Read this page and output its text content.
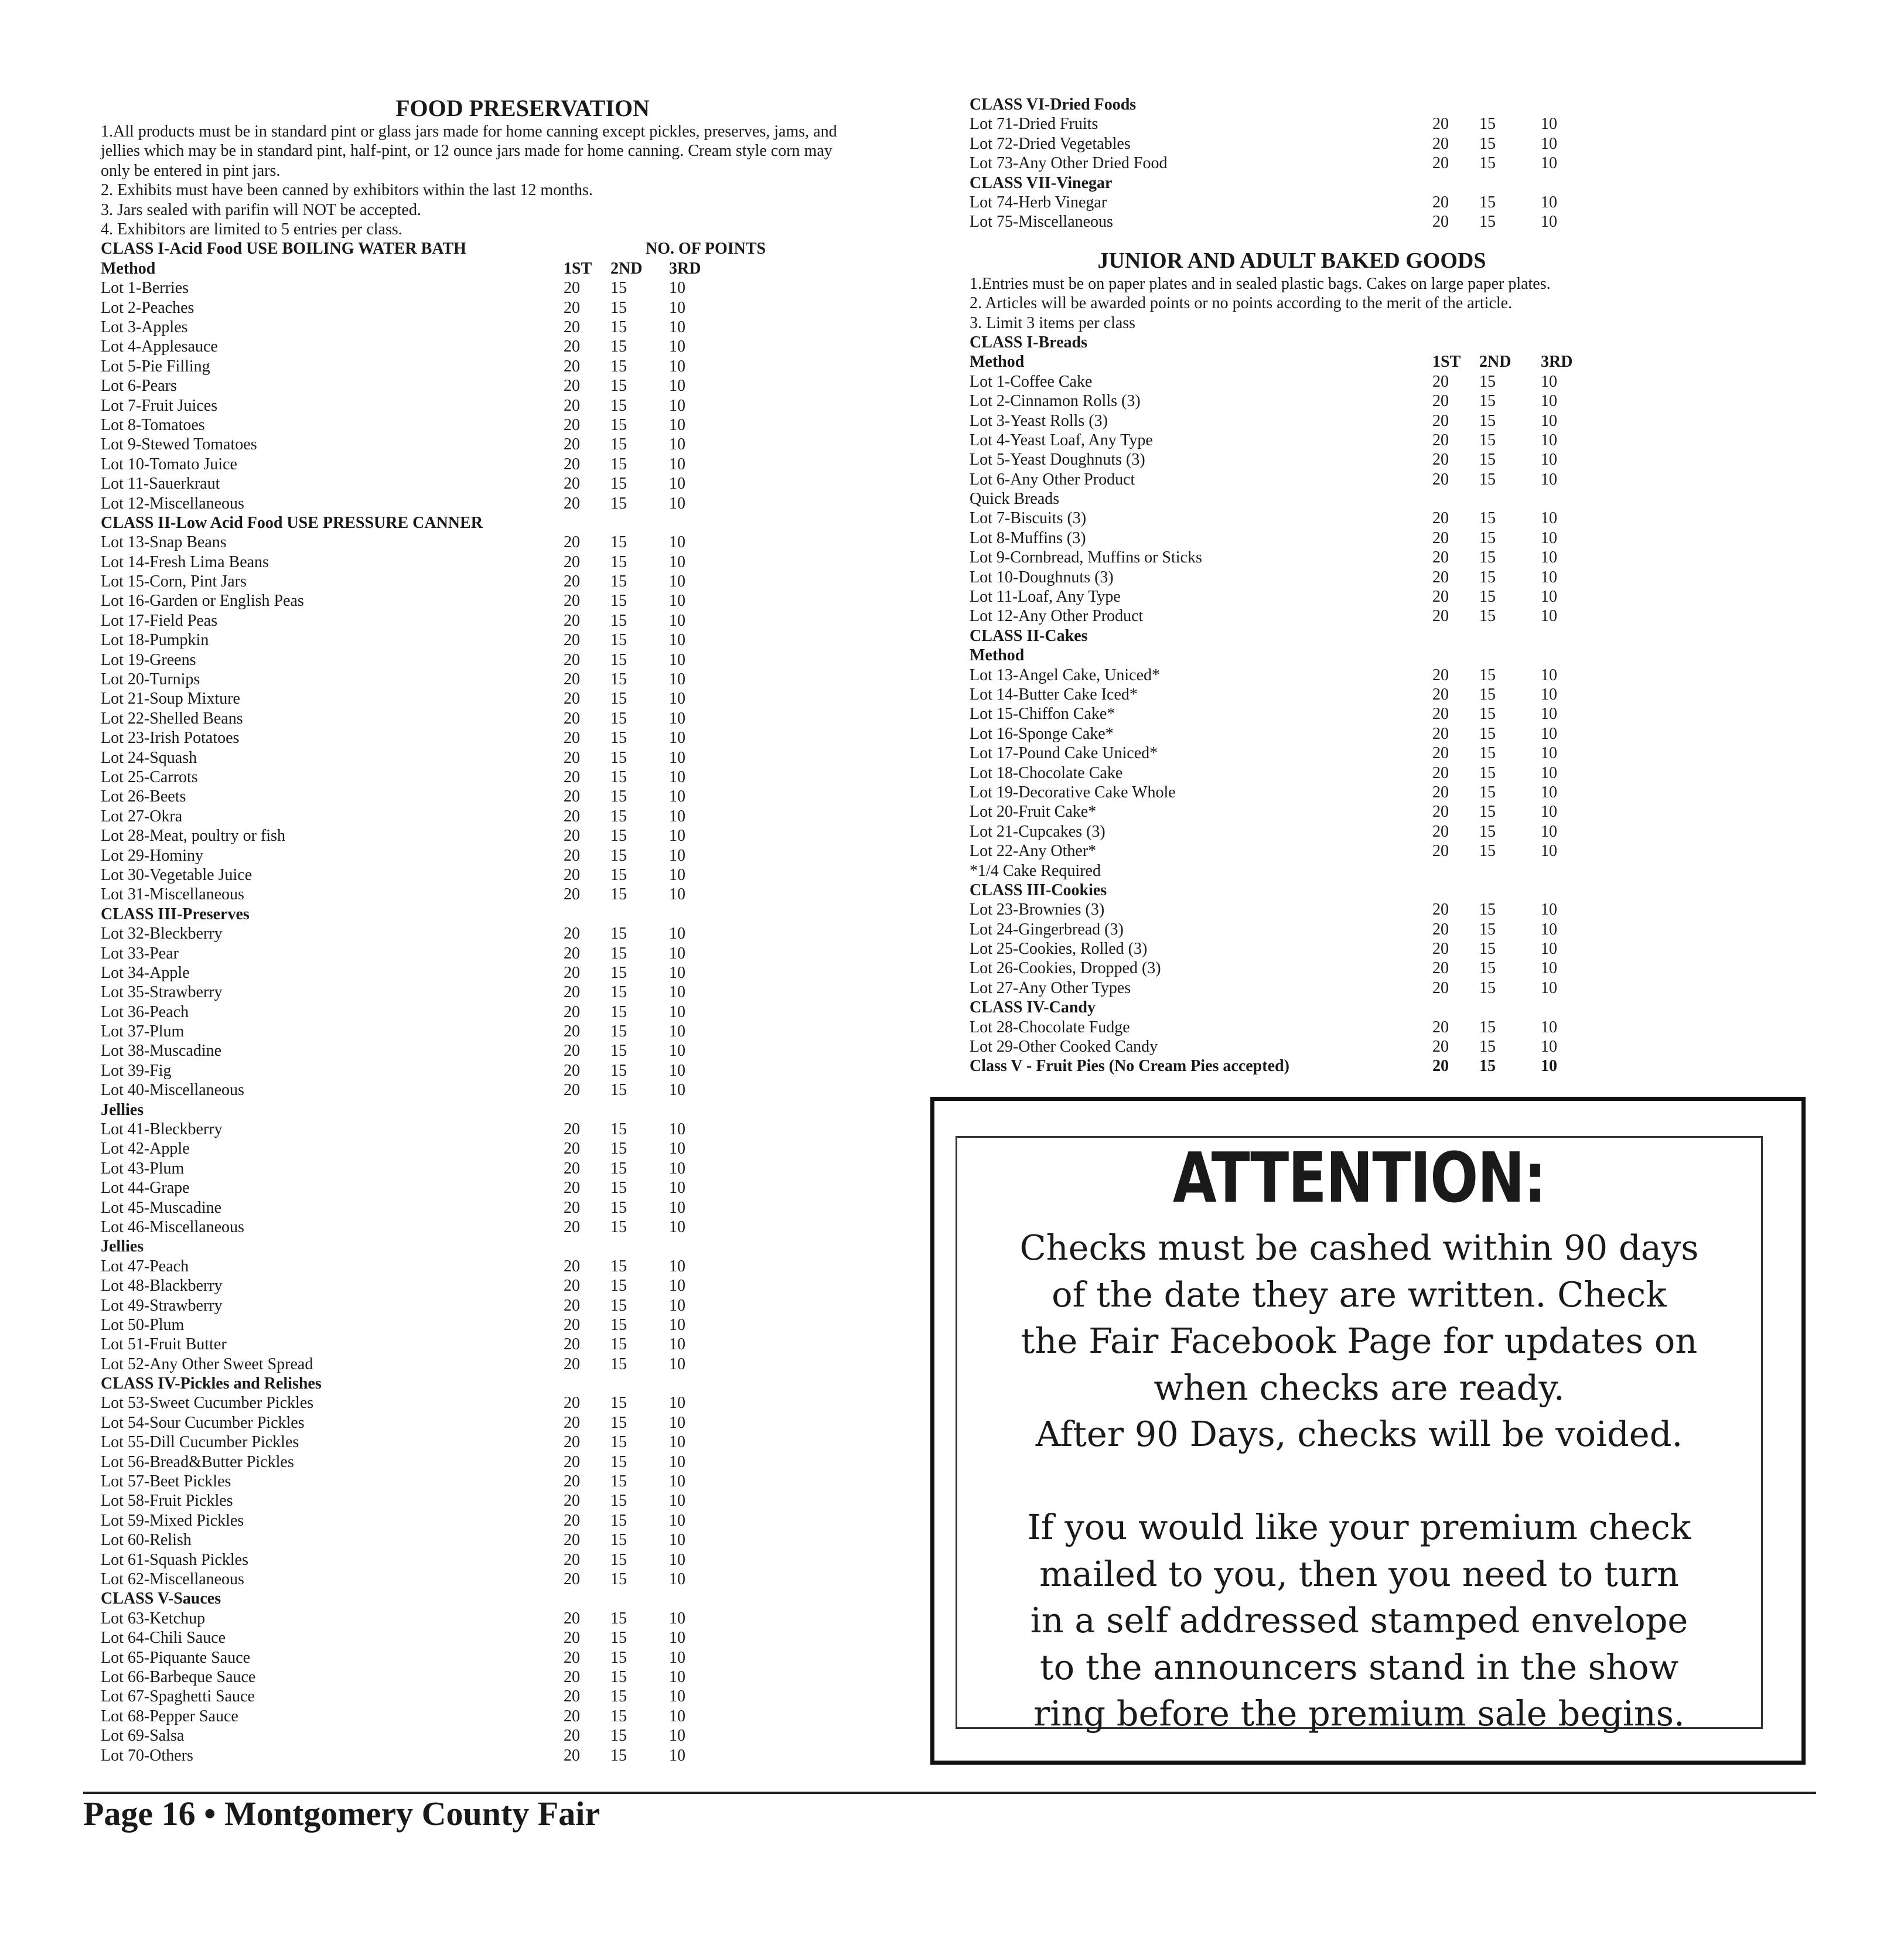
FOOD PRESERVATION
1.All products must be in standard pint or glass jars made for home canning except pickles, preserves, jams, and
jellies which may be in standard pint, half-pint, or 12 ounce jars made for home canning. Cream style corn may
only be entered in pint jars.
2. Exhibits must have been canned by exhibitors within the last 12 months.
3. Jars sealed with parifin will NOT be accepted.
4. Exhibitors are limited to 5 entries per class.
CLASS I-Acid Food USE BOILING WATER BATH	NO. OF POINTS
Method	1ST 2ND 3RD
Lot 1-Berries	20 15	10
Lot 2-Peaches	20 15	10
Lot 3-Apples	20 15	10
Lot 4-Applesauce	20 15	10
Lot 5-Pie Filling	20 15	10
Lot 6-Pears	20 15	10
Lot 7-Fruit Juices	20 15	10
Lot 8-Tomatoes	20 15	10
Lot 9-Stewed Tomatoes	20 15	10
Lot 10-Tomato Juice	20 15	10
Lot 11-Sauerkraut	20 15	10
Lot 12-Miscellaneous	20 15	10
CLASS II-Low Acid Food USE PRESSURE CANNER
Lot 13-Snap Beans	20 15	10
Lot 14-Fresh Lima Beans	20 15	10
Lot 15-Corn, Pint Jars	20 15	10
Lot 16-Garden or English Peas	20 15	10
Lot 17-Field Peas	20 15	10
Lot 18-Pumpkin	20 15	10
Lot 19-Greens	20 15	10
Lot 20-Turnips	20 15	10
Lot 21-Soup Mixture	20 15	10
Lot 22-Shelled Beans	20 15	10
Lot 23-Irish Potatoes	20 15	10
Lot 24-Squash	20 15	10
Lot 25-Carrots	20 15	10
Lot 26-Beets	20 15	10
Lot 27-Okra	20 15	10
Lot 28-Meat, poultry or fish	20 15	10
Lot 29-Hominy	20 15	10
Lot 30-Vegetable Juice	20 15	10
Lot 31-Miscellaneous	20 15	10
CLASS III-Preserves
Lot 32-Bleckberry	20 15	10
Lot 33-Pear	20 15	10
Lot 34-Apple	20 15	10
Lot 35-Strawberry	20 15	10
Lot 36-Peach	20 15	10
Lot 37-Plum	20 15	10
Lot 38-Muscadine	20 15	10
Lot 39-Fig	20 15	10
Lot 40-Miscellaneous	20 15	10
Jellies
Lot 41-Bleckberry	20 15	10
Lot 42-Apple	20 15	10
Lot 43-Plum	20 15	10
Lot 44-Grape	20 15	10
Lot 45-Muscadine	20 15	10
Lot 46-Miscellaneous	20 15	10
Jellies
Lot 47-Peach	20 15	10
Lot 48-Blackberry	20 15	10
Lot 49-Strawberry	20 15	10
Lot 50-Plum	20 15	10
Lot 51-Fruit Butter	20 15	10
Lot 52-Any Other Sweet Spread	20 15	10
CLASS IV-Pickles and Relishes
Lot 53-Sweet Cucumber Pickles	20 15	10
Lot 54-Sour Cucumber Pickles	20 15	10
Lot 55-Dill Cucumber Pickles	20 15	10
Lot 56-Bread&Butter Pickles	20 15	10
Lot 57-Beet Pickles	20 15	10
Lot 58-Fruit Pickles	20 15	10
Lot 59-Mixed Pickles	20 15	10
Lot 60-Relish	20 15	10
Lot 61-Squash Pickles	20 15	10
Lot 62-Miscellaneous	20 15	10
CLASS V-Sauces
Lot 63-Ketchup	20 15	10
Lot 64-Chili Sauce	20 15	10
Lot 65-Piquante Sauce	20 15	10
Lot 66-Barbeque Sauce	20 15	10
Lot 67-Spaghetti Sauce	20 15	10
Lot 68-Pepper Sauce	20 15	10
Lot 69-Salsa	20 15	10
Lot 70-Others	20 15	10
CLASS VI-Dried Foods
Lot 71-Dried Fruits	20 15	10
Lot 72-Dried Vegetables	20 15	10
Lot 73-Any Other Dried Food	20 15	10
CLASS VII-Vinegar
Lot 74-Herb Vinegar	20 15	10
Lot 75-Miscellaneous	20 15	10
JUNIOR AND ADULT BAKED GOODS
1.Entries must be on paper plates and in sealed plastic bags. Cakes on large paper plates.
2. Articles will be awarded points or no points according to the merit of the article.
3. Limit 3 items per class
CLASS I-Breads
Method	1ST 2ND 3RD
Lot 1-Coffee Cake	20 15	10
Lot 2-Cinnamon Rolls (3)	20 15	10
Lot 3-Yeast Rolls (3)	20 15	10
Lot 4-Yeast Loaf, Any Type	20 15	10
Lot 5-Yeast Doughnuts (3)	20 15	10
Lot 6-Any Other Product	20 15	10
Quick Breads
Lot 7-Biscuits (3)	20 15	10
Lot 8-Muffins (3)	20 15	10
Lot 9-Cornbread, Muffins or Sticks	20 15	10
Lot 10-Doughnuts (3)	20 15	10
Lot 11-Loaf, Any Type	20 15	10
Lot 12-Any Other Product	20 15	10
CLASS II-Cakes
Method
Lot 13-Angel Cake, Uniced*	20 15	10
Lot 14-Butter Cake Iced*	20 15	10
Lot 15-Chiffon Cake*	20 15	10
Lot 16-Sponge Cake*	20 15	10
Lot 17-Pound Cake Uniced*	20 15	10
Lot 18-Chocolate Cake	20 15	10
Lot 19-Decorative Cake Whole	20 15	10
Lot 20-Fruit Cake*	20 15	10
Lot 21-Cupcakes (3)	20 15	10
Lot 22-Any Other*	20 15	10
*1/4 Cake Required
CLASS III-Cookies
Lot 23-Brownies (3)	20 15	10
Lot 24-Gingerbread (3)	20 15	10
Lot 25-Cookies, Rolled (3)	20 15	10
Lot 26-Cookies, Dropped (3)	20 15	10
Lot 27-Any Other Types	20 15	10
CLASS IV-Candy
Lot 28-Chocolate Fudge	20 15	10
Lot 29-Other Cooked Candy	20 15	10
Class V - Fruit Pies (No Cream Pies accepted)	20 15	10
ATTENTION:
Checks must be cashed within 90 days
of the date they are written. Check
the Fair Facebook Page for updates on
when checks are ready.
After 90 Days, checks will be voided.
If you would like your premium check
mailed to you, then you need to turn
in a self addressed stamped envelope
to the announcers stand in the show
ring before the premium sale begins.
Page 16 • Montgomery County Fair
